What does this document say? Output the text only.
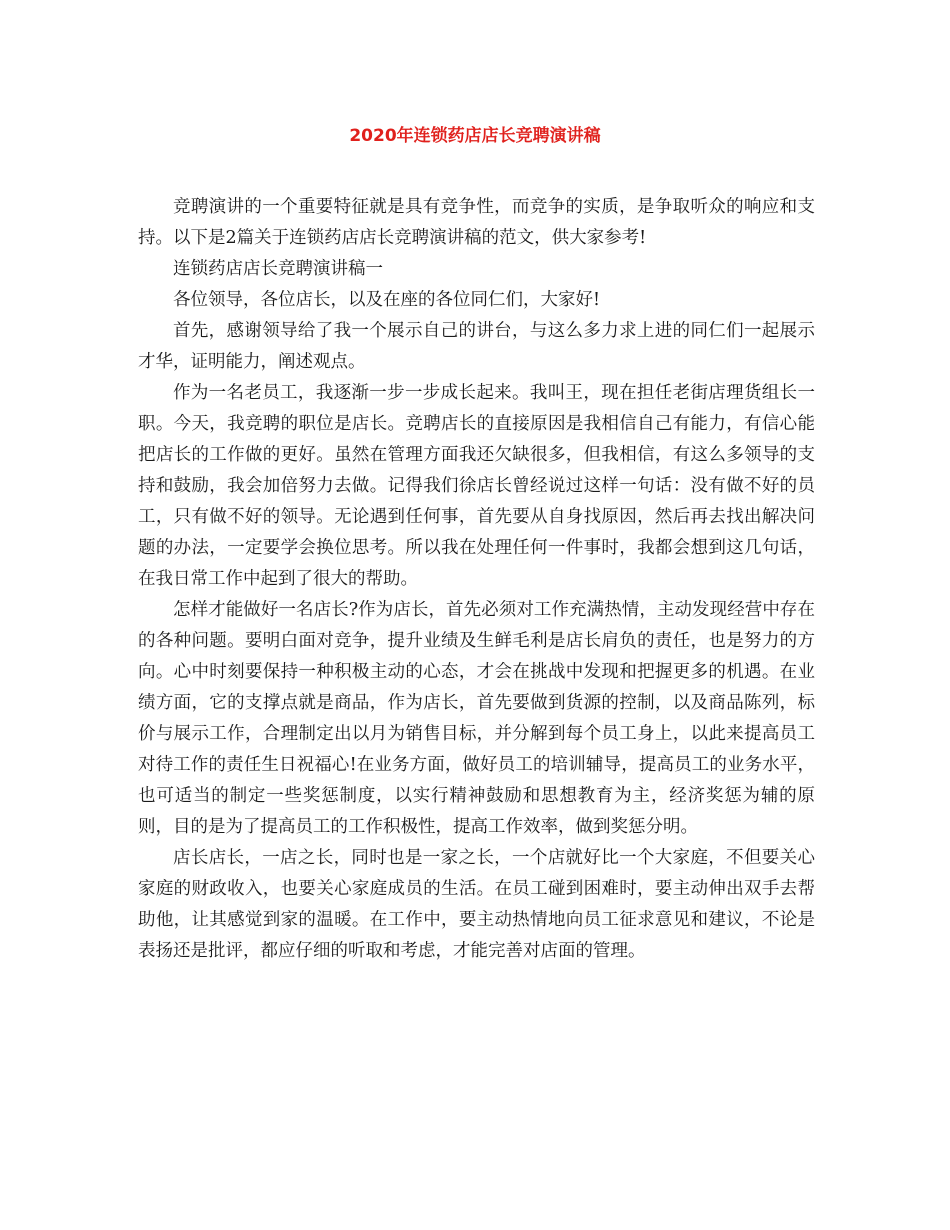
2020年连锁药店店长竞聘演讲稿

竞聘演讲的一个重要特征就是具有竞争性，而竞争的实质，是争取听众的响应和支持。以下是2篇关于连锁药店店长竞聘演讲稿的范文，供大家参考!

连锁药店店长竞聘演讲稿一

各位领导，各位店长，以及在座的各位同仁们，大家好!

首先，感谢领导给了我一个展示自己的讲台，与这么多力求上进的同仁们一起展示才华，证明能力，阐述观点。

作为一名老员工，我逐渐一步一步成长起来。我叫王，现在担任老街店理货组长一职。今天，我竞聘的职位是店长。竞聘店长的直接原因是我相信自己有能力，有信心能把店长的工作做的更好。虽然在管理方面我还欠缺很多，但我相信，有这么多领导的支持和鼓励，我会加倍努力去做。记得我们徐店长曾经说过这样一句话：没有做不好的员工，只有做不好的领导。无论遇到任何事，首先要从自身找原因，然后再去找出解决问题的办法，一定要学会换位思考。所以我在处理任何一件事时，我都会想到这几句话，在我日常工作中起到了很大的帮助。

怎样才能做好一名店长?作为店长，首先必须对工作充满热情，主动发现经营中存在的各种问题。要明白面对竞争，提升业绩及生鲜毛利是店长肩负的责任，也是努力的方向。心中时刻要保持一种积极主动的心态，才会在挑战中发现和把握更多的机遇。在业绩方面，它的支撑点就是商品，作为店长，首先要做到货源的控制，以及商品陈列，标价与展示工作，合理制定出以月为销售目标，并分解到每个员工身上，以此来提高员工对待工作的责任生日祝福心!在业务方面，做好员工的培训辅导，提高员工的业务水平，也可适当的制定一些奖惩制度，以实行精神鼓励和思想教育为主，经济奖惩为辅的原则，目的是为了提高员工的工作积极性，提高工作效率，做到奖惩分明。

店长店长，一店之长，同时也是一家之长，一个店就好比一个大家庭，不但要关心家庭的财政收入，也要关心家庭成员的生活。在员工碰到困难时，要主动伸出双手去帮助他，让其感觉到家的温暖。在工作中，要主动热情地向员工征求意见和建议，不论是表扬还是批评，都应仔细的听取和考虑，才能完善对店面的管理。
